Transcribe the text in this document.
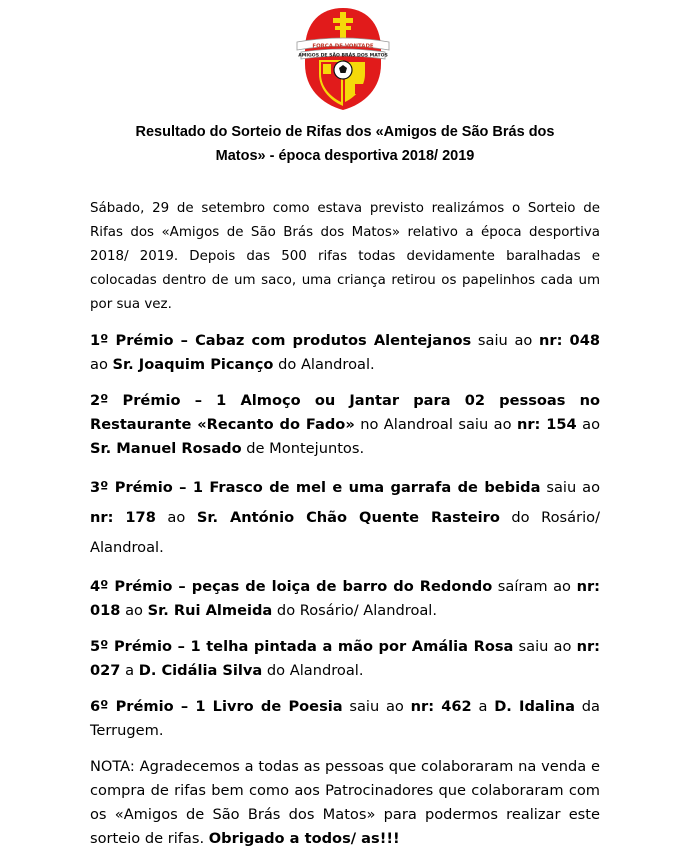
FORÇA DE VONTADE
AMIGOS DE SÃO BRÁS DOS MATOS
Resultado do Sorteio de Rifas dos «Amigos de São Brás dos
Matos» - época desportiva 2018/ 2019

Sábado, 29 de setembro como estava previsto realizámos o Sorteio de Rifas dos «Amigos de São Brás dos Matos» relativo a época desportiva 2018/ 2019. Depois das 500 rifas todas devidamente baralhadas e colocadas dentro de um saco, uma criança retirou os papelinhos cada um por sua vez.

1º Prémio – Cabaz com produtos Alentejanos saiu ao nr: 048 ao Sr. Joaquim Picanço do Alandroal.

2º Prémio – 1 Almoço ou Jantar para 02 pessoas no Restaurante «Recanto do Fado» no Alandroal saiu ao nr: 154 ao Sr. Manuel Rosado de Montejuntos.

3º Prémio – 1 Frasco de mel e uma garrafa de bebida saiu ao nr: 178 ao Sr. António Chão Quente Rasteiro do Rosário/ Alandroal.

4º Prémio – peças de loiça de barro do Redondo saíram ao nr: 018 ao Sr. Rui Almeida do Rosário/ Alandroal.

5º Prémio – 1 telha pintada a mão por Amália Rosa saiu ao nr: 027 a D. Cidália Silva do Alandroal.

6º Prémio – 1 Livro de Poesia saiu ao nr: 462 a D. Idalina da Terrugem.

NOTA: Agradecemos a todas as pessoas que colaboraram na venda e compra de rifas bem como aos Patrocinadores que colaboraram com os «Amigos de São Brás dos Matos» para podermos realizar este sorteio de rifas. Obrigado a todos/ as!!!
